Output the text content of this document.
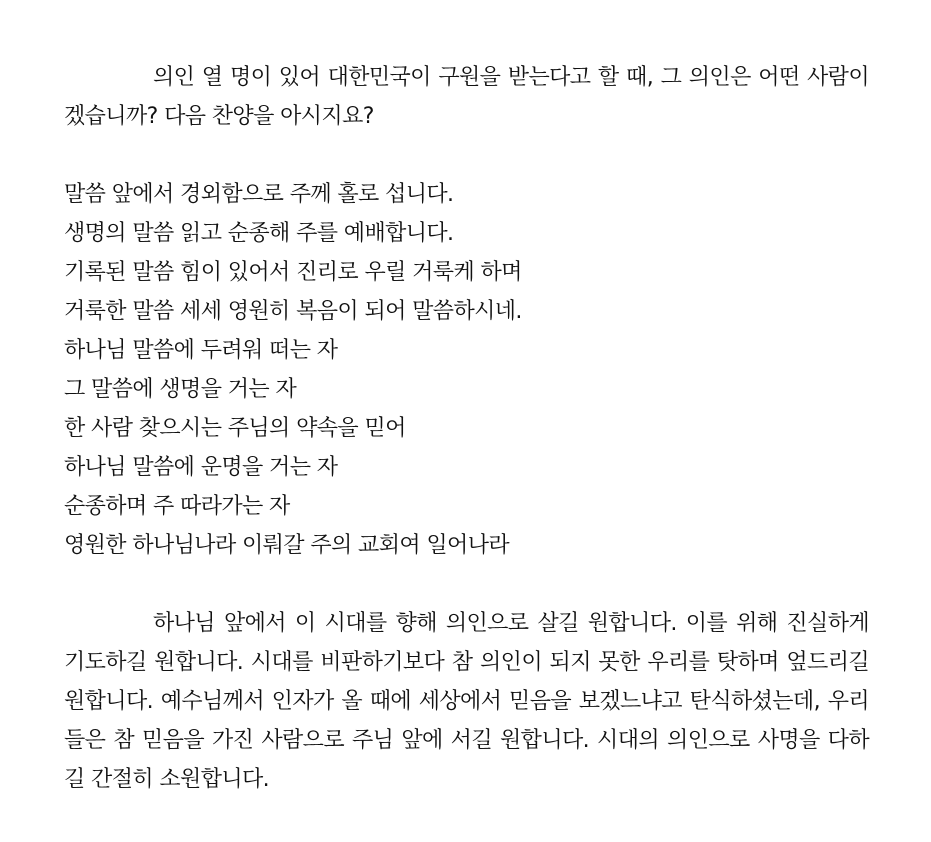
의인 열 명이 있어 대한민국이 구원을 받는다고 할 때, 그 의인은 어떤 사람이겠습니까? 다음 찬양을 아시지요?

말씀 앞에서 경외함으로 주께 홀로 섭니다.
생명의 말씀 읽고 순종해 주를 예배합니다.
기록된 말씀 힘이 있어서 진리로 우릴 거룩케 하며
거룩한 말씀 세세 영원히 복음이 되어 말씀하시네.
하나님 말씀에 두려워 떠는 자
그 말씀에 생명을 거는 자
한 사람 찾으시는 주님의 약속을 믿어
하나님 말씀에 운명을 거는 자
순종하며 주 따라가는 자
영원한 하나님나라 이뤄갈 주의 교회여 일어나라

하나님 앞에서 이 시대를 향해 의인으로 살길 원합니다. 이를 위해 진실하게 기도하길 원합니다. 시대를 비판하기보다 참 의인이 되지 못한 우리를 탓하며 엎드리길 원합니다. 예수님께서 인자가 올 때에 세상에서 믿음을 보겠느냐고 탄식하셨는데, 우리들은 참 믿음을 가진 사람으로 주님 앞에 서길 원합니다. 시대의 의인으로 사명을 다하길 간절히 소원합니다.
